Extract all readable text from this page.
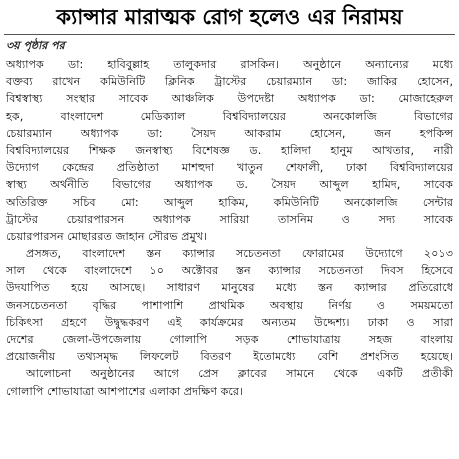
ক্যান্সার মারাত্মক রোগ হলেও এর নিরাময়
৩য় পৃষ্ঠার পর
অধ্যাপক ডা: হাবিবুল্লাহ তালুকদার রাসকিন। অনুষ্ঠানে অন্যান্যের মধ্যে
বক্তব্য রাখেন কমিউনিটি ক্লিনিক ট্রাস্টের চেয়ারম্যান ডা: জাকির হোসেন,
বিশ্বস্বাস্থ্য সংস্থার সাবেক আঞ্চলিক উপদেষ্টা অধ্যাপক ডা: মোজাহেরুল
হক, বাংলাদেশ মেডিক্যাল বিশ্ববিদ্যালয়ের অনকোলজি বিভাগের
চেয়ারম্যান অধ্যাপক ডা: সৈয়দ আকরাম হোসেন, জন হপকিন্স
বিশ্ববিদ্যালয়ের শিক্ষক জনস্বাস্থ্য বিশেষজ্ঞ ড. হালিদা হানুম আখতার, নারী
উদ্যোগ কেন্দ্রের প্রতিষ্ঠাতা মাশহুদা খাতুন শেফালী, ঢাকা বিশ্ববিদ্যালয়ের
স্বাস্থ্য অর্থনীতি বিভাগের অধ্যাপক ড. সৈয়দ আব্দুল হামিদ, সাবেক
অতিরিক্ত সচিব মো: আব্দুল হাকিম, কমিউনিটি অনকোলজি সেন্টার
ট্রাস্টের চেয়ারপারসন অধ্যাপক সারিয়া তাসনিম ও সদ্য সাবেক
চেয়ারপারসন মোছাররত জাহান সৌরভ প্রমুখ।
প্রসঙ্গত, বাংলাদেশ স্তন ক্যান্সার সচেতনতা ফোরামের উদ্যোগে ২০১৩
সাল থেকে বাংলাদেশে ১০ অক্টোবর স্তন ক্যান্সার সচেতনতা দিবস হিসেবে
উদযাপিত হয়ে আসছে। সাধারণ মানুষের মধ্যে স্তন ক্যান্সার প্রতিরোধে
জনসচেতনতা বৃদ্ধির পাশাপাশি প্রাথমিক অবস্থায় নির্ণয় ও সময়মতো
চিকিৎসা গ্রহণে উদ্বুদ্ধকরণ এই কার্যক্রমের অন্যতম উদ্দেশ্য। ঢাকা ও সারা
দেশের জেলা-উপজেলায় গোলাপি সড়ক শোভাযাত্রায় সহজ বাংলায়
প্রয়োজনীয় তথ্যসমৃদ্ধ লিফলেট বিতরণ ইতোমধ্যে বেশি প্রশংসিত হয়েছে।
আলোচনা অনুষ্ঠানের আগে প্রেস ক্লাবের সামনে থেকে একটি প্রতীকী
গোলাপি শোভাযাত্রা আশপাশের এলাকা প্রদক্ষিণ করে।
